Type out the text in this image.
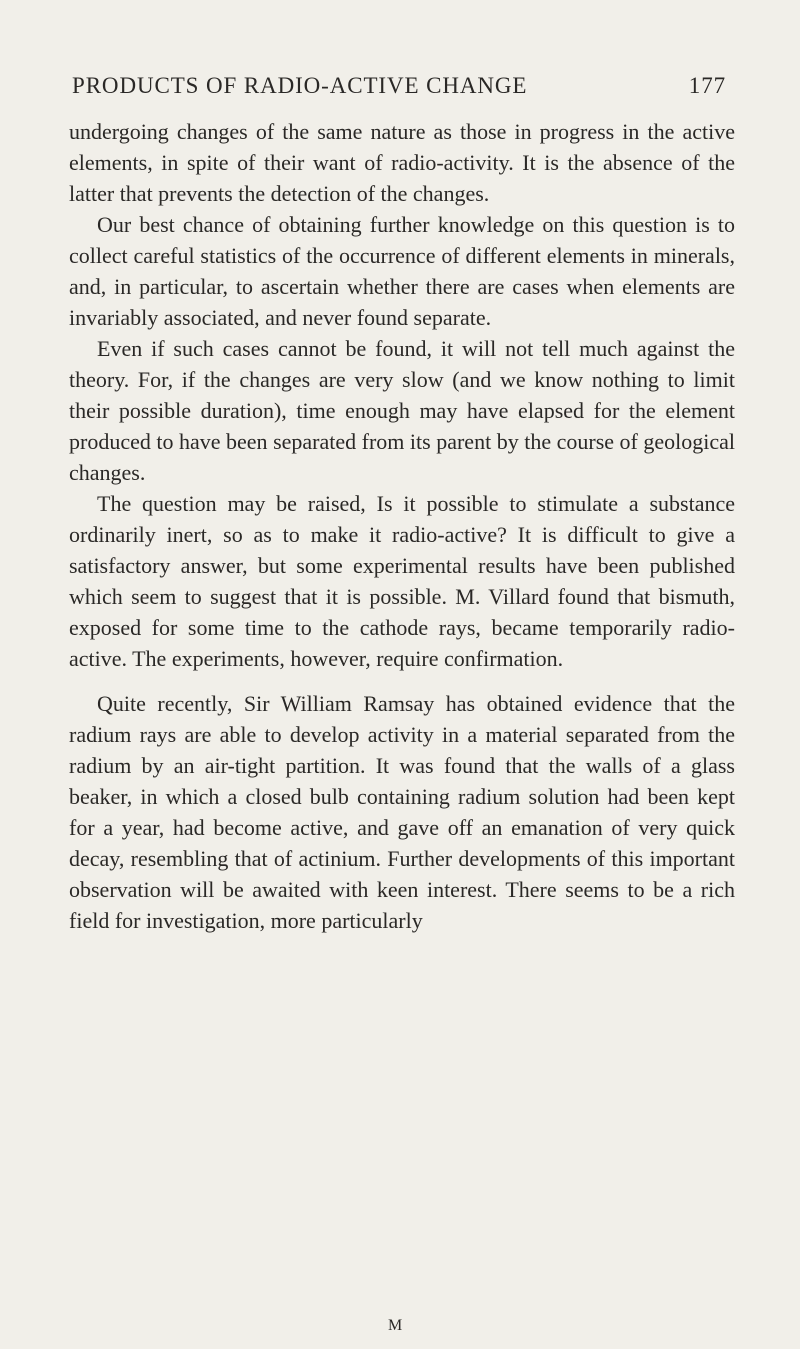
PRODUCTS OF RADIO-ACTIVE CHANGE	177

undergoing changes of the same nature as those in progress in the active elements, in spite of their want of radio-activity. It is the absence of the latter that prevents the detection of the changes.

Our best chance of obtaining further knowledge on this question is to collect careful statistics of the occurrence of different elements in minerals, and, in particular, to ascertain whether there are cases when elements are invariably associated, and never found separate.

Even if such cases cannot be found, it will not tell much against the theory. For, if the changes are very slow (and we know nothing to limit their possible duration), time enough may have elapsed for the element produced to have been separated from its parent by the course of geological changes.

The question may be raised, Is it possible to stimulate a substance ordinarily inert, so as to make it radio-active? It is difficult to give a satisfactory answer, but some experimental results have been published which seem to suggest that it is possible. M. Villard found that bismuth, exposed for some time to the cathode rays, became temporarily radio-active. The experiments, however, require confirmation.

Quite recently, Sir William Ramsay has obtained evidence that the radium rays are able to develop activity in a material separated from the radium by an air-tight partition. It was found that the walls of a glass beaker, in which a closed bulb containing radium solution had been kept for a year, had become active, and gave off an emanation of very quick decay, resembling that of actinium. Further developments of this important observation will be awaited with keen interest. There seems to be a rich field for investigation, more particularly

M
